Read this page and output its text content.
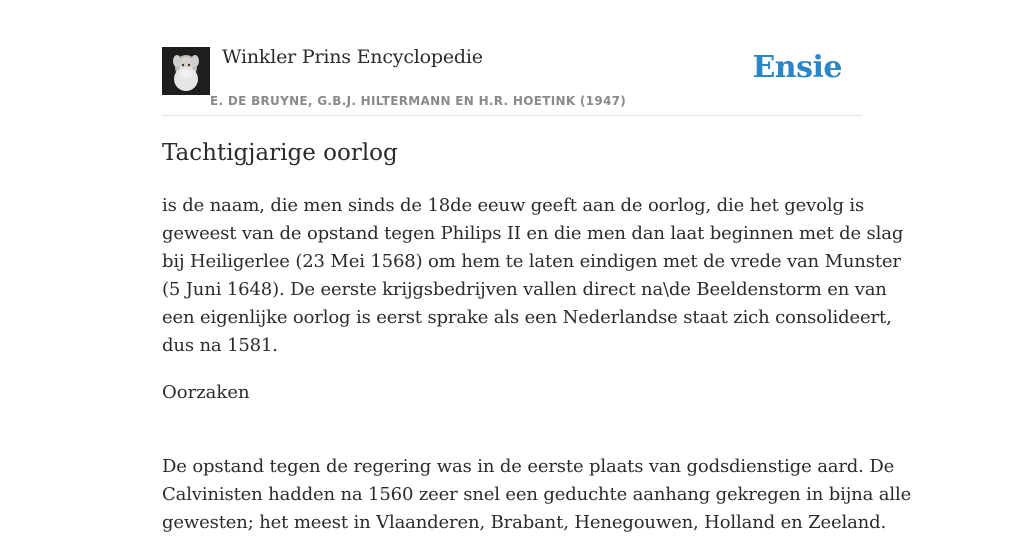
Winkler Prins Encyclopedie
E. DE BRUYNE, G.B.J. HILTERMANN EN H.R. HOETINK (1947)
Ensie
Tachtigjarige oorlog

is de naam, die men sinds de 18de eeuw geeft aan de oorlog, die het gevolg is
geweest van de opstand tegen Philips II en die men dan laat beginnen met de slag
bij Heiligerlee (23 Mei 1568) om hem te laten eindigen met de vrede van Munster
(5 Juni 1648). De eerste krijgsbedrijven vallen direct na\de Beeldenstorm en van
een eigenlijke oorlog is eerst sprake als een Nederlandse staat zich consolideert,
dus na 1581.

Oorzaken

De opstand tegen de regering was in de eerste plaats van godsdienstige aard. De
Calvinisten hadden na 1560 zeer snel een geduchte aanhang gekregen in bijna alle
gewesten; het meest in Vlaanderen, Brabant, Henegouwen, Holland en Zeeland.
